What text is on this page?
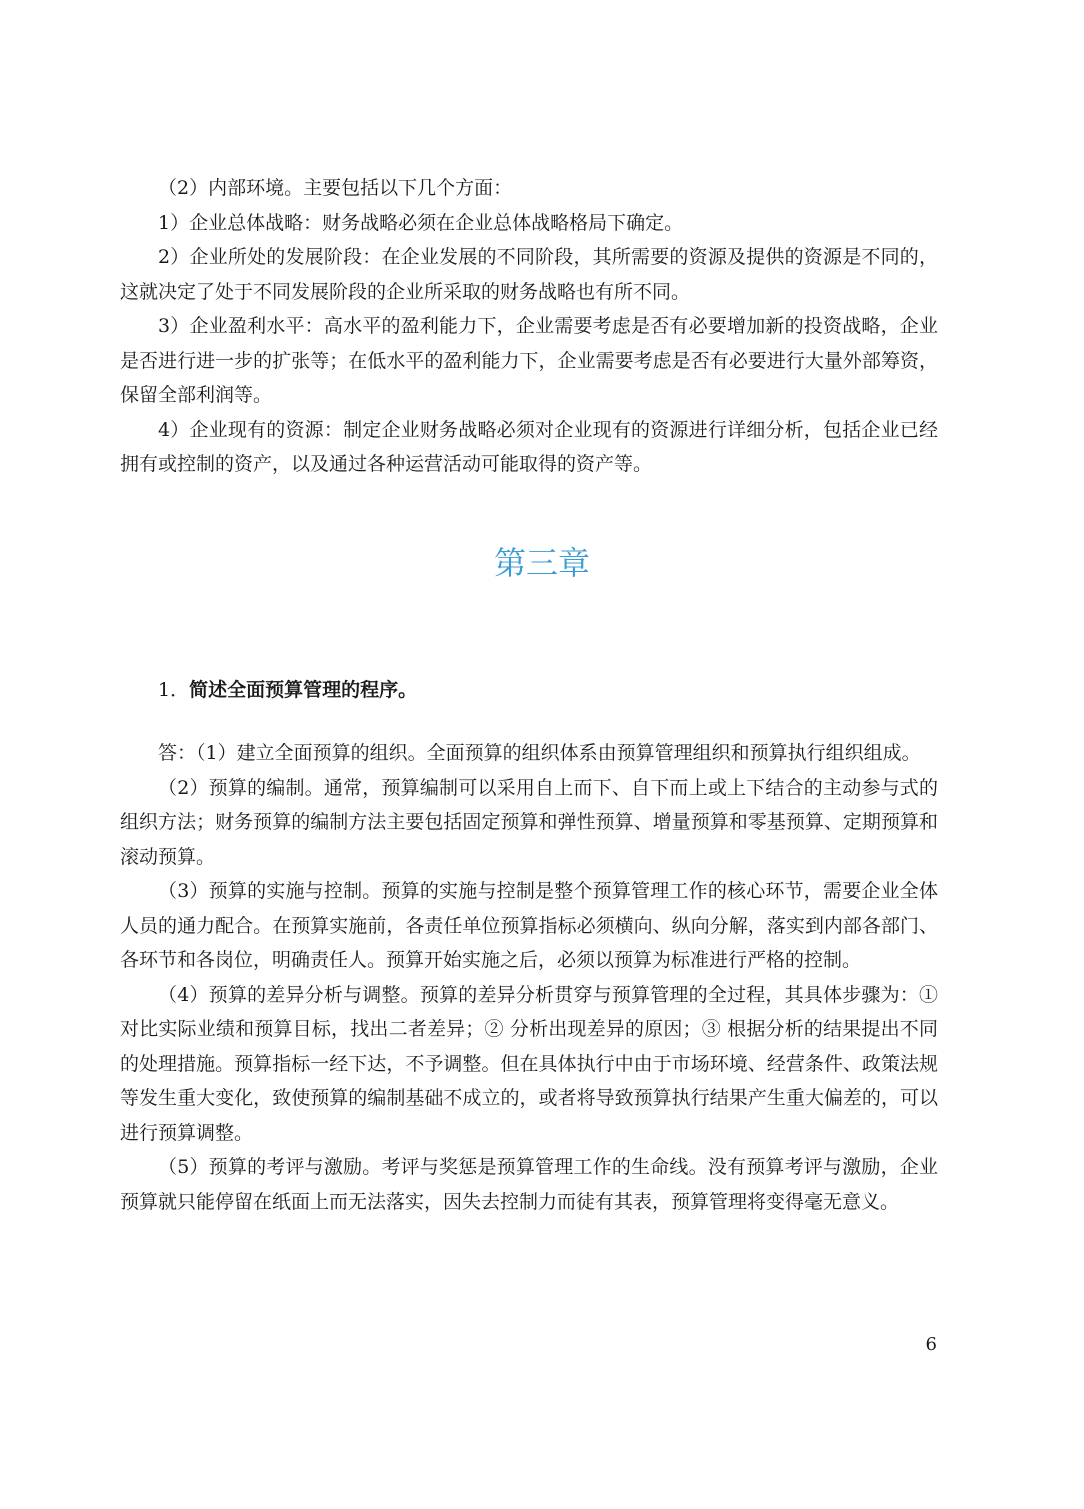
（2）内部环境。主要包括以下几个方面：

1）企业总体战略：财务战略必须在企业总体战略格局下确定。

2）企业所处的发展阶段：在企业发展的不同阶段，其所需要的资源及提供的资源是不同的，这就决定了处于不同发展阶段的企业所采取的财务战略也有所不同。

3）企业盈利水平：高水平的盈利能力下，企业需要考虑是否有必要增加新的投资战略，企业是否进行进一步的扩张等；在低水平的盈利能力下，企业需要考虑是否有必要进行大量外部筹资，保留全部利润等。

4）企业现有的资源：制定企业财务战略必须对企业现有的资源进行详细分析，包括企业已经拥有或控制的资产，以及通过各种运营活动可能取得的资产等。

第三章
1．简述全面预算管理的程序。

答：（1）建立全面预算的组织。全面预算的组织体系由预算管理组织和预算执行组织组成。

（2）预算的编制。通常，预算编制可以采用自上而下、自下而上或上下结合的主动参与式的组织方法；财务预算的编制方法主要包括固定预算和弹性预算、增量预算和零基预算、定期预算和滚动预算。

（3）预算的实施与控制。预算的实施与控制是整个预算管理工作的核心环节，需要企业全体人员的通力配合。在预算实施前，各责任单位预算指标必须横向、纵向分解，落实到内部各部门、各环节和各岗位，明确责任人。预算开始实施之后，必须以预算为标准进行严格的控制。

（4）预算的差异分析与调整。预算的差异分析贯穿与预算管理的全过程，其具体步骤为：① 对比实际业绩和预算目标，找出二者差异；② 分析出现差异的原因；③ 根据分析的结果提出不同的处理措施。预算指标一经下达，不予调整。但在具体执行中由于市场环境、经营条件、政策法规等发生重大变化，致使预算的编制基础不成立的，或者将导致预算执行结果产生重大偏差的，可以进行预算调整。

（5）预算的考评与激励。考评与奖惩是预算管理工作的生命线。没有预算考评与激励，企业预算就只能停留在纸面上而无法落实，因失去控制力而徒有其表，预算管理将变得毫无意义。

6
